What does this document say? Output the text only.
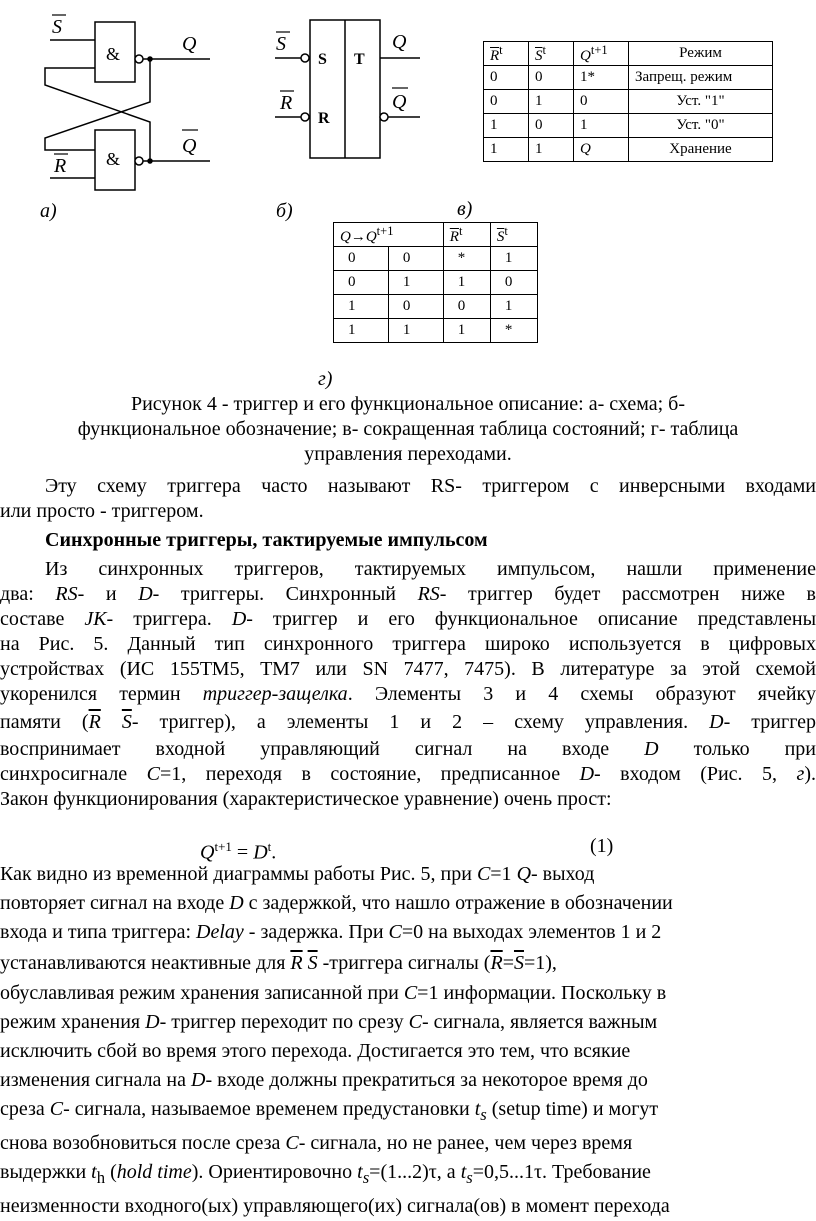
S
R
&
&
Q
Q
а)
S
R
S
R
T
Q
Q
б)	в)
г)
$\overline{R}^t$	$\overline{S}^t$	$Q^{t+1}$	Режим
0	0	1*	Запрещ. режим
0	1	0	Уст. "1"
1	0	1	Уст. "0"
1	1	Q	Хранение
$Q\to Q^{t+1}$		$\overline{R}^t$	$\overline{S}^t$
0	0	*	1
0	1	1	0
1	0	0	1
1	1	1	*
Рисунок 4 - триггер и его функциональное описание: а- схема; б-
функциональное обозначение; в- сокращенная таблица состояний; г- таблица
управления переходами.
Эту схему триггера часто называют RS- триггером с инверсными входами
или просто - триггером.
Синхронные триггеры, тактируемые импульсом
Из синхронных триггеров, тактируемых импульсом, нашли применение
два: RS- и D- триггеры. Синхронный RS- триггер будет рассмотрен ниже в
составе JK- триггера. D- триггер и его функциональное описание представлены
на Рис. 5. Данный тип синхронного триггера широко используется в цифровых
устройствах (ИС 155ТМ5, ТМ7 или SN 7477, 7475). В литературе за этой схемой
укоренился термин триггер-защелка. Элементы 3 и 4 схемы образуют ячейку
памяти ($\overline{R}$ $\overline{S}-$ триггер), а элементы 1 и 2 – схему управления. D- триггер
воспринимает входной управляющий сигнал на входе D только при
синхросигнале C=1, переходя в состояние, предписанное D- входом (Рис. 5, г).
Закон функционирования (характеристическое уравнение) очень прост:
$Q^{t+1} = D^t$.	(1)
Как видно из временной диаграммы работы Рис. 5, при C=1 Q- выход
повторяет сигнал на входе D с задержкой, что нашло отражение в обозначении
входа и типа триггера: Delay - задержка. При C=0 на выходах элементов 1 и 2
устанавливаются неактивные для $\overline{R}$ $\overline{S}$ -триггера сигналы $(\overline{R}=\overline{S}=1)$,
обуславливая режим хранения записанной при C=1 информации. Поскольку в
режим хранения D- триггер переходит по срезу C- сигнала, является важным
исключить сбой во время этого перехода. Достигается это тем, что всякие
изменения сигнала на D- входе должны прекратиться за некоторое время до
среза C- сигнала, называемое временем предустановки $t_s$ (setup time) и могут
снова возобновиться после среза C- сигнала, но не ранее, чем через время
выдержки $t_h$ (hold time). Ориентировочно $t_s=(1...2)\tau$, а $t_s=0,5...1\tau$. Требование
неизменности входного(ых) управляющего(их) сигнала(ов) в момент перехода
